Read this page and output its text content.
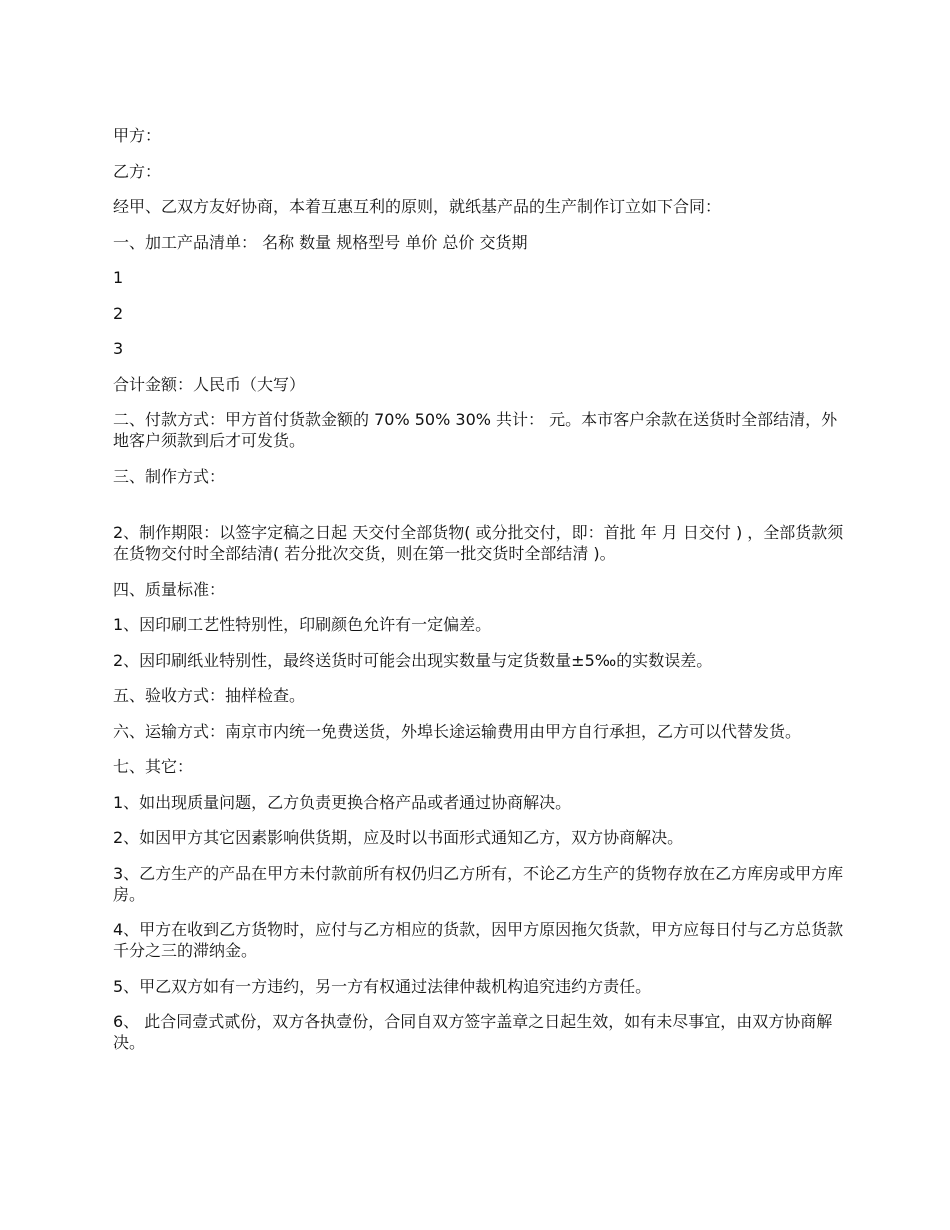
甲方：

乙方：

经甲、乙双方友好协商，本着互惠互利的原则，就纸基产品的生产制作订立如下合同：

一、加工产品清单： 名称 数量 规格型号 单价 总价 交货期

1

2

3

合计金额：人民币（大写）

二、付款方式：甲方首付货款金额的 70% 50% 30% 共计： 元。本市客户余款在送货时全部结清，外地客户须款到后才可发货。

三、制作方式：

2、制作期限：以签字定稿之日起 天交付全部货物( 或分批交付，即：首批 年 月 日交付 ) ，全部货款须在货物交付时全部结清( 若分批次交货，则在第一批交货时全部结清 )。

四、质量标准：

1、因印刷工艺性特别性，印刷颜色允许有一定偏差。

2、因印刷纸业特别性，最终送货时可能会出现实数量与定货数量±5‰的实数误差。

五、验收方式：抽样检查。

六、运输方式：南京市内统一免费送货，外埠长途运输费用由甲方自行承担，乙方可以代替发货。

七、其它：

1、如出现质量问题，乙方负责更换合格产品或者通过协商解决。

2、如因甲方其它因素影响供货期，应及时以书面形式通知乙方，双方协商解决。

3、乙方生产的产品在甲方未付款前所有权仍归乙方所有，不论乙方生产的货物存放在乙方库房或甲方库房。

4、甲方在收到乙方货物时，应付与乙方相应的货款，因甲方原因拖欠货款，甲方应每日付与乙方总货款千分之三的滞纳金。

5、甲乙双方如有一方违约，另一方有权通过法律仲裁机构追究违约方责任。

6、 此合同壹式贰份，双方各执壹份，合同自双方签字盖章之日起生效，如有未尽事宜，由双方协商解决。
